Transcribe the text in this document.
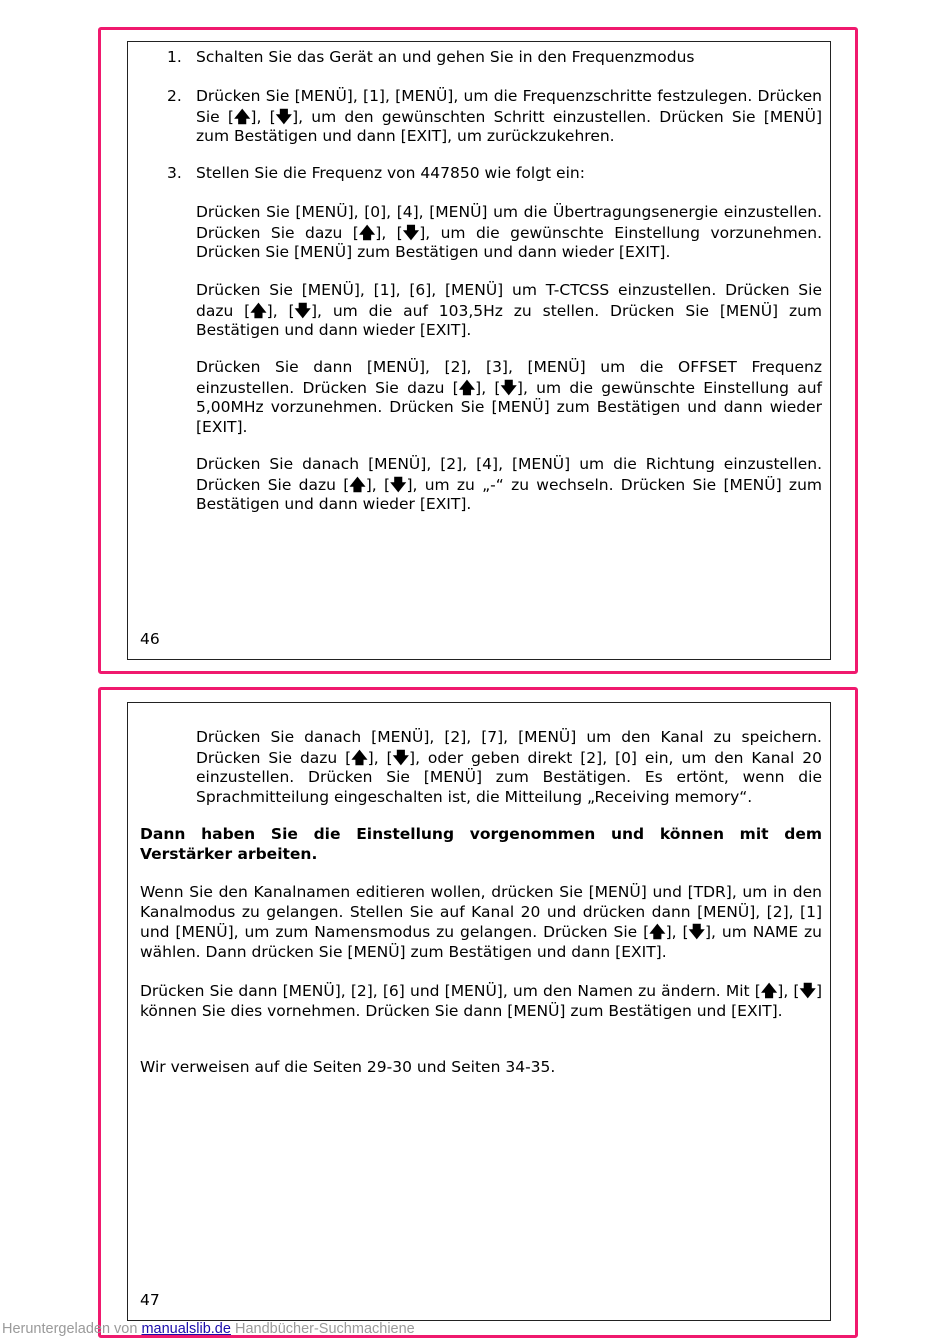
1. Schalten Sie das Gerät an und gehen Sie in den Frequenzmodus

2. Drücken Sie [MENÜ], [1], [MENÜ], um die Frequenzschritte festzulegen. Drücken Sie [🡅], [🡇], um den gewünschten Schritt einzustellen. Drücken Sie [MENÜ] zum Bestätigen und dann [EXIT], um zurückzukehren.

3. Stellen Sie die Frequenz von 447850 wie folgt ein:

Drücken Sie [MENÜ], [0], [4], [MENÜ] um die Übertragungsenergie einzustellen. Drücken Sie dazu [🡅], [🡇], um die gewünschte Einstellung vorzunehmen. Drücken Sie [MENÜ] zum Bestätigen und dann wieder [EXIT].

Drücken Sie [MENÜ], [1], [6], [MENÜ] um T-CTCSS einzustellen. Drücken Sie dazu [🡅], [🡇], um die auf 103,5Hz zu stellen. Drücken Sie [MENÜ] zum Bestätigen und dann wieder [EXIT].

Drücken Sie dann [MENÜ], [2], [3], [MENÜ] um die OFFSET Frequenz einzustellen. Drücken Sie dazu [🡅], [🡇], um die gewünschte Einstellung auf 5,00MHz vorzunehmen. Drücken Sie [MENÜ] zum Bestätigen und dann wieder [EXIT].

Drücken Sie danach [MENÜ], [2], [4], [MENÜ] um die Richtung einzustellen. Drücken Sie dazu [🡅], [🡇], um zu „-“ zu wechseln. Drücken Sie [MENÜ] zum Bestätigen und dann wieder [EXIT].

46

Drücken Sie danach [MENÜ], [2], [7], [MENÜ] um den Kanal zu speichern. Drücken Sie dazu [🡅], [🡇], oder geben direkt [2], [0] ein, um den Kanal 20 einzustellen. Drücken Sie [MENÜ] zum Bestätigen. Es ertönt, wenn die Sprachmitteilung eingeschalten ist, die Mitteilung „Receiving memory“.

Dann haben Sie die Einstellung vorgenommen und können mit dem Verstärker arbeiten.

Wenn Sie den Kanalnamen editieren wollen, drücken Sie [MENÜ] und [TDR], um in den Kanalmodus zu gelangen. Stellen Sie auf Kanal 20 und drücken dann [MENÜ], [2], [1] und [MENÜ], um zum Namensmodus zu gelangen. Drücken Sie [🡅], [🡇], um NAME zu wählen. Dann drücken Sie [MENÜ] zum Bestätigen und dann [EXIT].

Drücken Sie dann [MENÜ], [2], [6] und [MENÜ], um den Namen zu ändern. Mit [🡅], [🡇] können Sie dies vornehmen. Drücken Sie dann [MENÜ] zum Bestätigen und [EXIT].

Wir verweisen auf die Seiten 29-30 und Seiten 34-35.

47
Heruntergeladen von manualslib.de Handbücher-Suchmachiene
